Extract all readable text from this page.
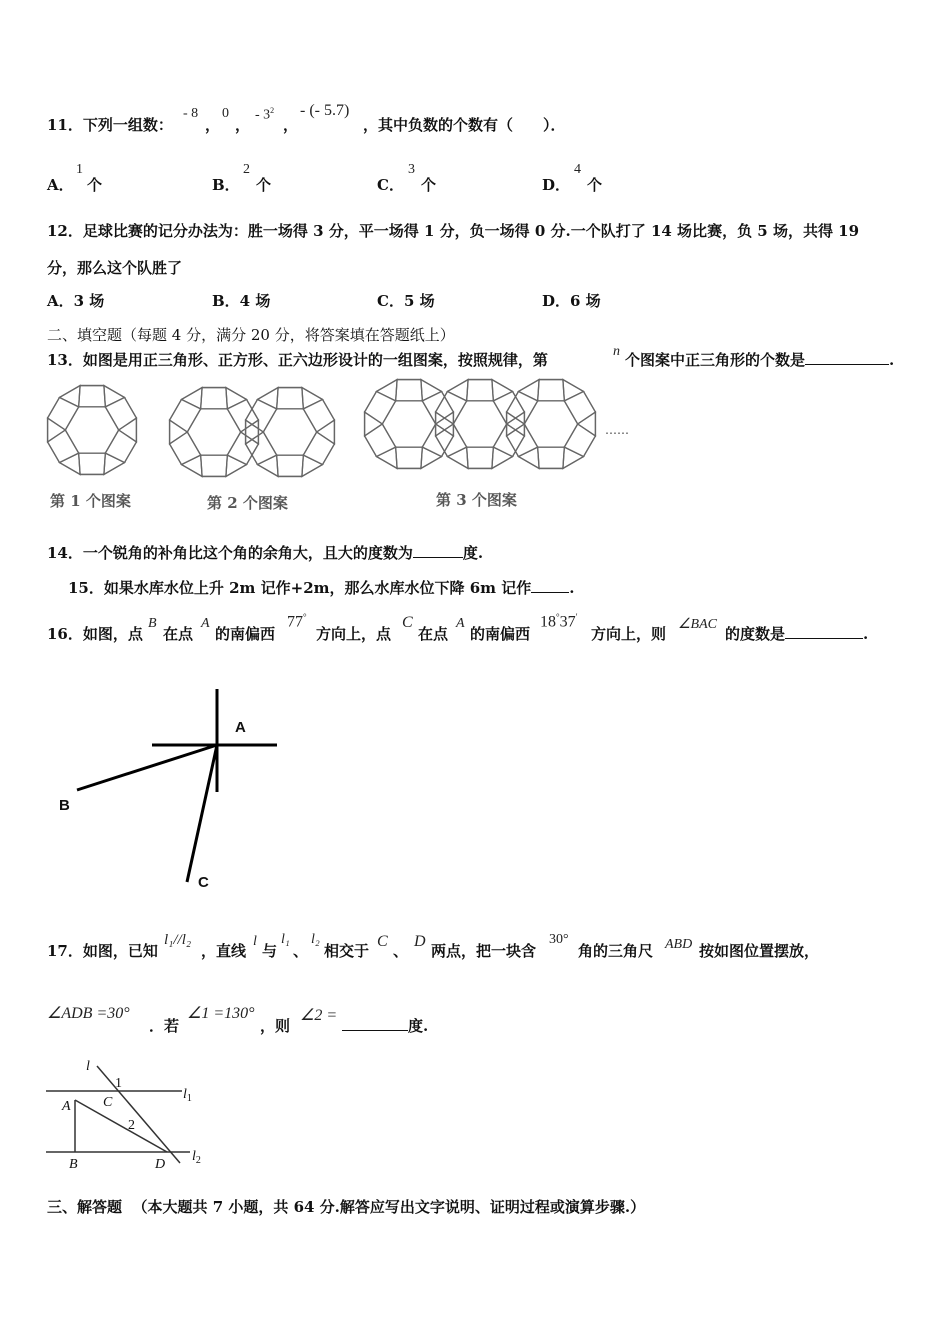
11．下列一组数：
- 8
，
0
，
- $3^2$
，
- (- 5.7)
，其中负数的个数有（　　）．
A．
1
个	B．
2
个	C．
3
个	D．
4
个
12．足球比赛的记分办法为：胜一场得 3 分，平一场得 1 分，负一场得 0 分.一个队打了 14 场比赛，负 5 场，共得 19
分，那么这个队胜了
A．3 场	B．4 场	C．5 场	D．6 场
二、填空题（每题 4 分，满分 20 分，将答案填在答题纸上）
13．如图是用正三角形、正方形、正六边形设计的一组图案，按照规律，第	n 个图案中正三角形的个数是	.
第 1 个图案	第 2 个图案	第 3 个图案
……
14．一个锐角的补角比这个角的余角大，且大的度数为	度.
15．如果水库水位上升 2m 记作+2m，那么水库水位下降 6m 记作	.
16．如图，点
B
在点
A
的南偏西
77°
方向上，点
C
在点
A
的南偏西
18°37′
方向上，则
∠BAC
的度数是	.
A
B
C
17．如图，已知
l₁//l₂
，直线
l
与
l₁
、
l₂
相交于
C
、
D
两点，把一块含
30°
角的三角尺 ABD 按如图位置摆放，
∠ADB =30°
．若
∠1 =130°
，则
∠2 =
度.
l
1
C
A
2
B	D
$l_1$
$l_2$
三、解答题 （本大题共 7 小题，共 64 分.解答应写出文字说明、证明过程或演算步骤.）
